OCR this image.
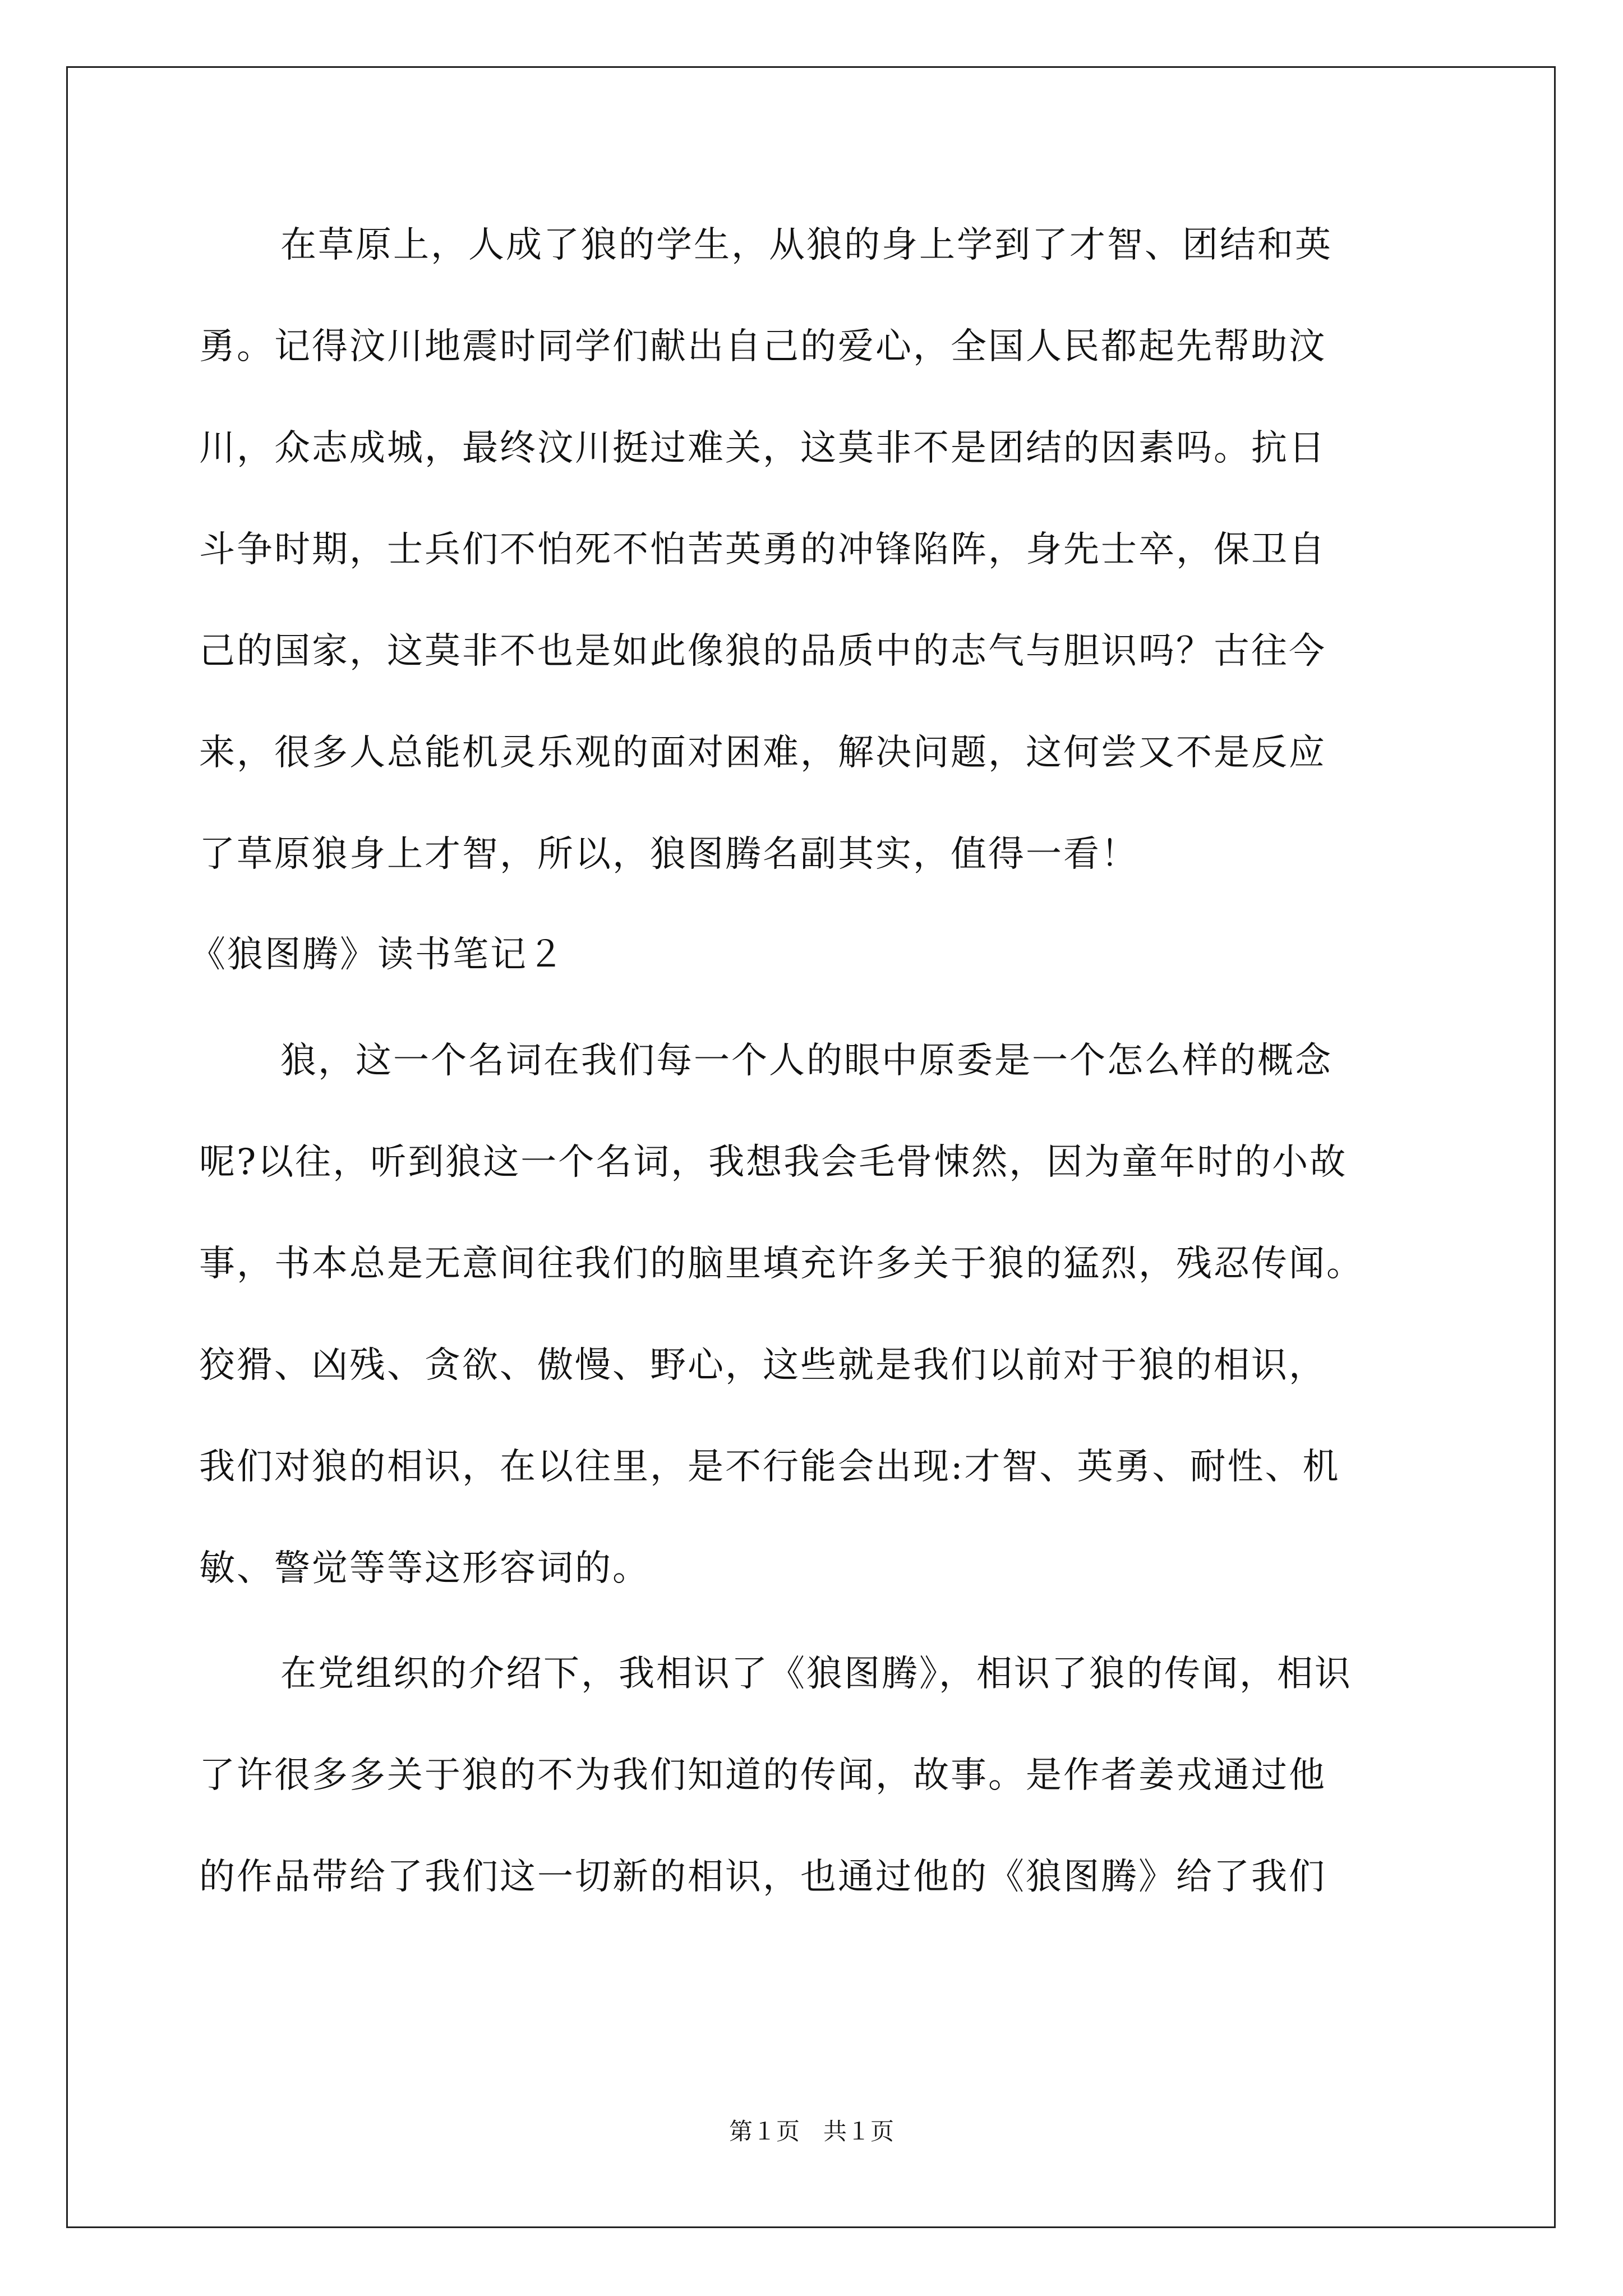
在草原上，人成了狼的学生，从狼的身上学到了才智、团结和英
勇。记得汶川地震时同学们献出自己的爱心，全国人民都起先帮助汶
川，众志成城，最终汶川挺过难关，这莫非不是团结的因素吗。抗日
斗争时期，士兵们不怕死不怕苦英勇的冲锋陷阵，身先士卒，保卫自
己的国家，这莫非不也是如此像狼的品质中的志气与胆识吗？古往今
来，很多人总能机灵乐观的面对困难，解决问题，这何尝又不是反应
了草原狼身上才智，所以，狼图腾名副其实，值得一看！
《狼图腾》读书笔记２
狼，这一个名词在我们每一个人的眼中原委是一个怎么样的概念
呢?以往，听到狼这一个名词，我想我会毛骨悚然，因为童年时的小故
事，书本总是无意间往我们的脑里填充许多关于狼的猛烈，残忍传闻。
狡猾、凶残、贪欲、傲慢、野心，这些就是我们以前对于狼的相识，
我们对狼的相识，在以往里，是不行能会出现:才智、英勇、耐性、机
敏、警觉等等这形容词的。
在党组织的介绍下，我相识了《狼图腾》，相识了狼的传闻，相识
了许很多多关于狼的不为我们知道的传闻，故事。是作者姜戎通过他
的作品带给了我们这一切新的相识，也通过他的《狼图腾》给了我们
第１页　共１页
